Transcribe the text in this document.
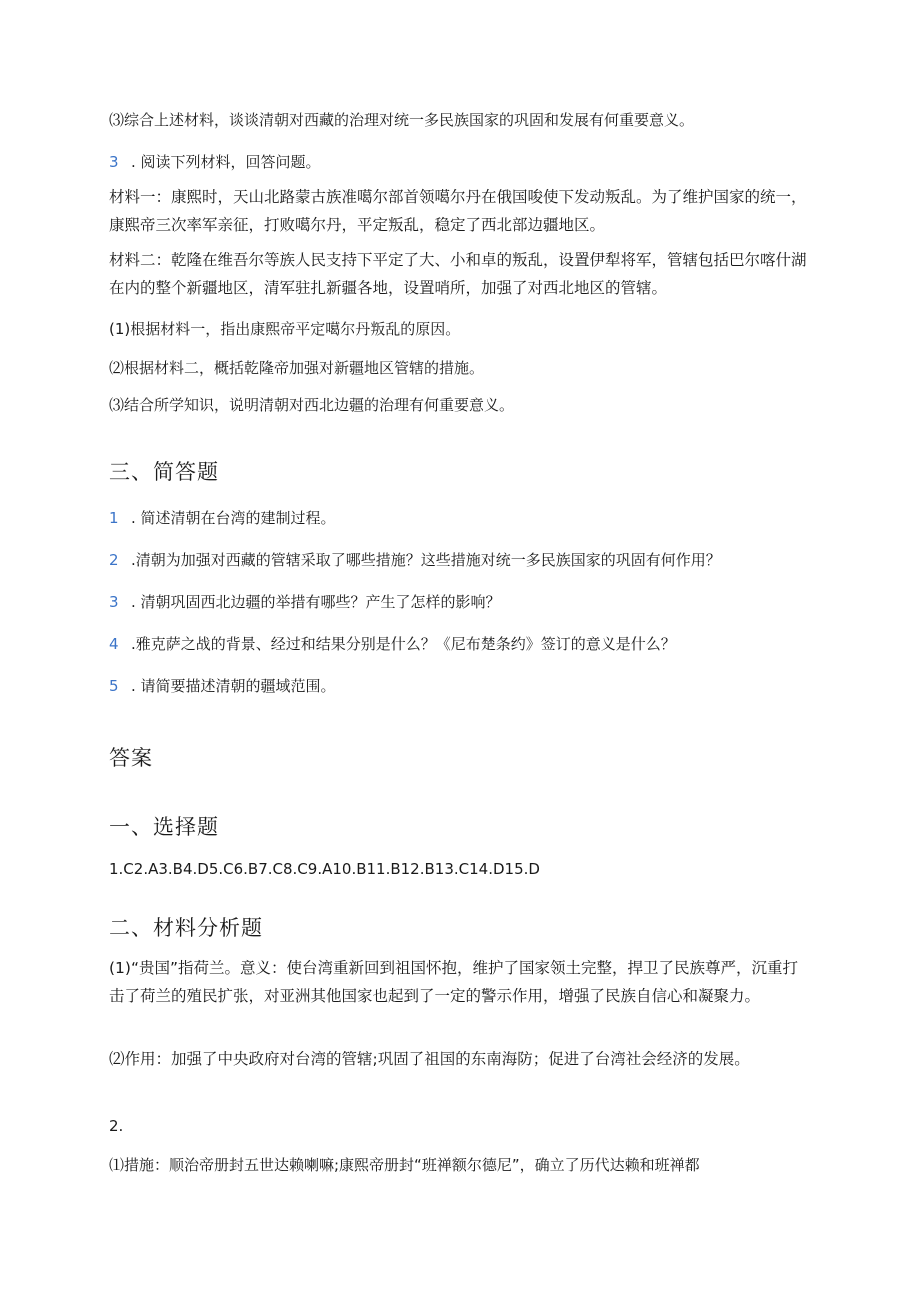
⑶综合上述材料，谈谈清朝对西藏的治理对统一多民族国家的巩固和发展有何重要意义。
3 . 阅读下列材料，回答问题。
材料一：康熙时，天山北路蒙古族准噶尔部首领噶尔丹在俄国唆使下发动叛乱。为了维护国家的统一，康熙帝三次率军亲征，打败噶尔丹，平定叛乱，稳定了西北部边疆地区。
材料二：乾隆在维吾尔等族人民支持下平定了大、小和卓的叛乱，设置伊犁将军，管辖包括巴尔喀什湖在内的整个新疆地区，清军驻扎新疆各地，设置哨所，加强了对西北地区的管辖。
(1)根据材料一，指出康熙帝平定噶尔丹叛乱的原因。
⑵根据材料二，概括乾隆帝加强对新疆地区管辖的措施。
⑶结合所学知识，说明清朝对西北边疆的治理有何重要意义。
三、简答题
1 . 简述清朝在台湾的建制过程。
2 .清朝为加强对西藏的管辖采取了哪些措施？这些措施对统一多民族国家的巩固有何作用？
3 . 清朝巩固西北边疆的举措有哪些？产生了怎样的影响？
4 .雅克萨之战的背景、经过和结果分别是什么？《尼布楚条约》签订的意义是什么？
5 . 请简要描述清朝的疆域范围。
答案
一、选择题
1.C2.A3.B4.D5.C6.B7.C8.C9.A10.B11.B12.B13.C14.D15.D
二、材料分析题
(1)“贵国”指荷兰。意义：使台湾重新回到祖国怀抱，维护了国家领土完整，捍卫了民族尊严，沉重打击了荷兰的殖民扩张，对亚洲其他国家也起到了一定的警示作用，增强了民族自信心和凝聚力。
⑵作用：加强了中央政府对台湾的管辖;巩固了祖国的东南海防；促进了台湾社会经济的发展。
2.
⑴措施：顺治帝册封五世达赖喇嘛;康熙帝册封“班禅额尔德尼”，确立了历代达赖和班禅都
